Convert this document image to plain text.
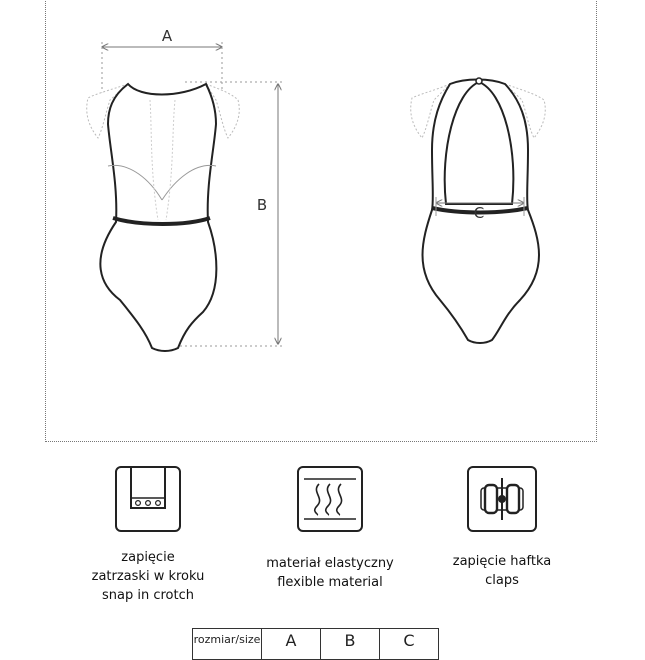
A
B	C
zapięcie
zatrzaski w kroku
snap in crotch
materiał elastyczny
flexible material
zapięcie haftka
claps
rozmiar/size	A	B	C
